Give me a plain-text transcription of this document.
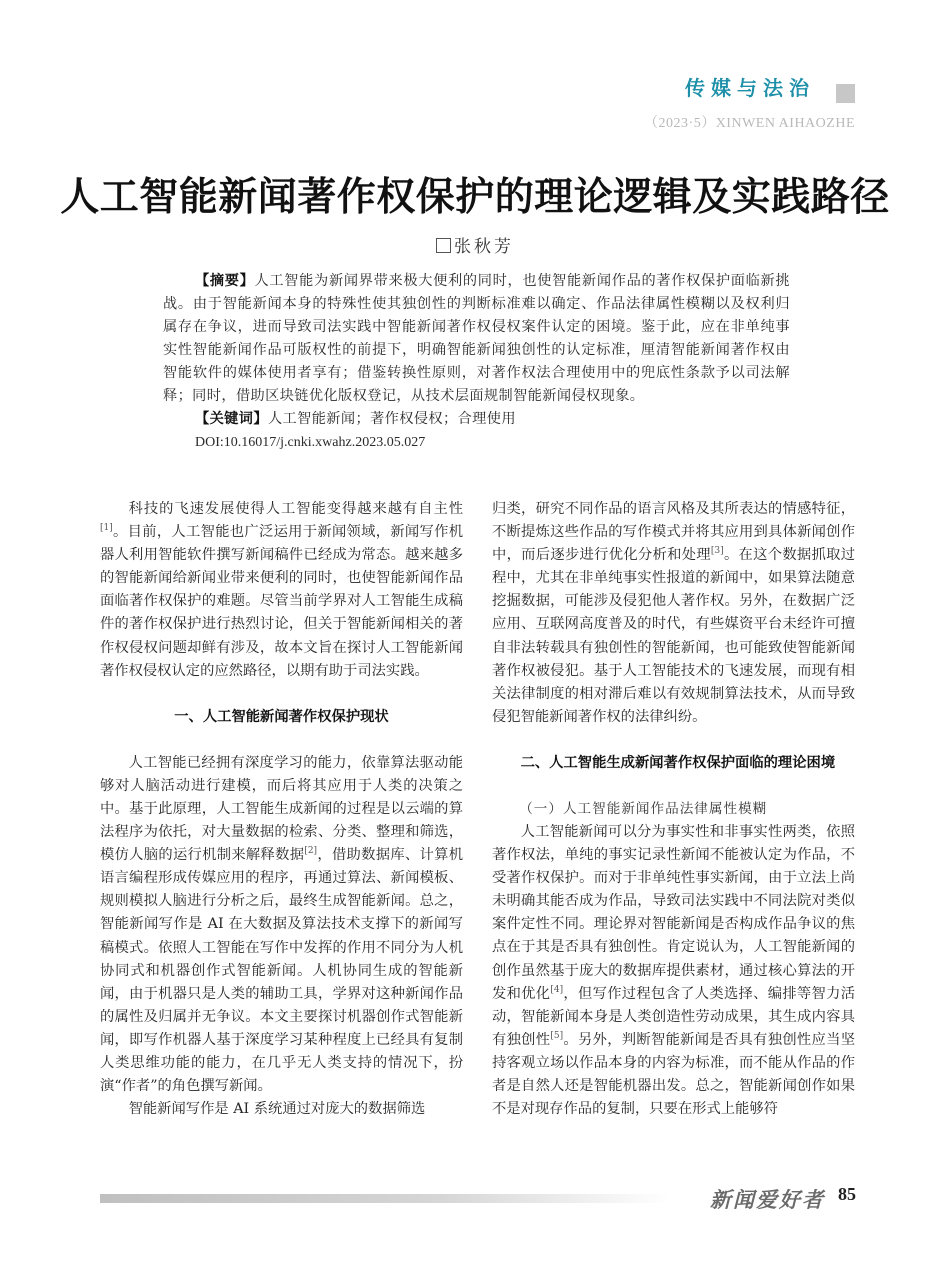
传媒与法治
（2023·5）XINWEN AIHAOZHE
人工智能新闻著作权保护的理论逻辑及实践路径
张秋芳

【摘要】人工智能为新闻界带来极大便利的同时，也使智能新闻作品的著作权保护面临新挑战。由于智能新闻本身的特殊性使其独创性的判断标准难以确定、作品法律属性模糊以及权利归属存在争议，进而导致司法实践中智能新闻著作权侵权案件认定的困境。鉴于此，应在非单纯事实性智能新闻作品可版权性的前提下，明确智能新闻独创性的认定标准，厘清智能新闻著作权由智能软件的媒体使用者享有；借鉴转换性原则，对著作权法合理使用中的兜底性条款予以司法解释；同时，借助区块链优化版权登记，从技术层面规制智能新闻侵权现象。

【关键词】人工智能新闻；著作权侵权；合理使用

DOI:10.16017/j.cnki.xwahz.2023.05.027

科技的飞速发展使得人工智能变得越来越有自主性[1]。目前，人工智能也广泛运用于新闻领域，新闻写作机器人利用智能软件撰写新闻稿件已经成为常态。越来越多的智能新闻给新闻业带来便利的同时，也使智能新闻作品面临著作权保护的难题。尽管当前学界对人工智能生成稿件的著作权保护进行热烈讨论，但关于智能新闻相关的著作权侵权问题却鲜有涉及，故本文旨在探讨人工智能新闻著作权侵权认定的应然路径，以期有助于司法实践。

一、人工智能新闻著作权保护现状

人工智能已经拥有深度学习的能力，依靠算法驱动能够对人脑活动进行建模，而后将其应用于人类的决策之中。基于此原理，人工智能生成新闻的过程是以云端的算法程序为依托，对大量数据的检索、分类、整理和筛选，模仿人脑的运行机制来解释数据[2]，借助数据库、计算机语言编程形成传媒应用的程序，再通过算法、新闻模板、规则模拟人脑进行分析之后，最终生成智能新闻。总之，智能新闻写作是 AI 在大数据及算法技术支撑下的新闻写稿模式。依照人工智能在写作中发挥的作用不同分为人机协同式和机器创作式智能新闻。人机协同生成的智能新闻，由于机器只是人类的辅助工具，学界对这种新闻作品的属性及归属并无争议。本文主要探讨机器创作式智能新闻，即写作机器人基于深度学习某种程度上已经具有复制人类思维功能的能力，在几乎无人类支持的情况下，扮演“作者”的角色撰写新闻。

智能新闻写作是 AI 系统通过对庞大的数据筛选

归类，研究不同作品的语言风格及其所表达的情感特征，不断提炼这些作品的写作模式并将其应用到具体新闻创作中，而后逐步进行优化分析和处理[3]。在这个数据抓取过程中，尤其在非单纯事实性报道的新闻中，如果算法随意挖掘数据，可能涉及侵犯他人著作权。另外，在数据广泛应用、互联网高度普及的时代，有些媒资平台未经许可擅自非法转载具有独创性的智能新闻，也可能致使智能新闻著作权被侵犯。基于人工智能技术的飞速发展，而现有相关法律制度的相对滞后难以有效规制算法技术，从而导致侵犯智能新闻著作权的法律纠纷。

二、人工智能生成新闻著作权保护面临的理论困境
（一）人工智能新闻作品法律属性模糊

人工智能新闻可以分为事实性和非事实性两类，依照著作权法，单纯的事实记录性新闻不能被认定为作品，不受著作权保护。而对于非单纯性事实新闻，由于立法上尚未明确其能否成为作品，导致司法实践中不同法院对类似案件定性不同。理论界对智能新闻是否构成作品争议的焦点在于其是否具有独创性。肯定说认为，人工智能新闻的创作虽然基于庞大的数据库提供素材，通过核心算法的开发和优化[4]，但写作过程包含了人类选择、编排等智力活动，智能新闻本身是人类创造性劳动成果，其生成内容具有独创性[5]。另外，判断智能新闻是否具有独创性应当坚持客观立场以作品本身的内容为标准，而不能从作品的作者是自然人还是智能机器出发。总之，智能新闻创作如果不是对现存作品的复制，只要在形式上能够符

新闻爱好者 85
